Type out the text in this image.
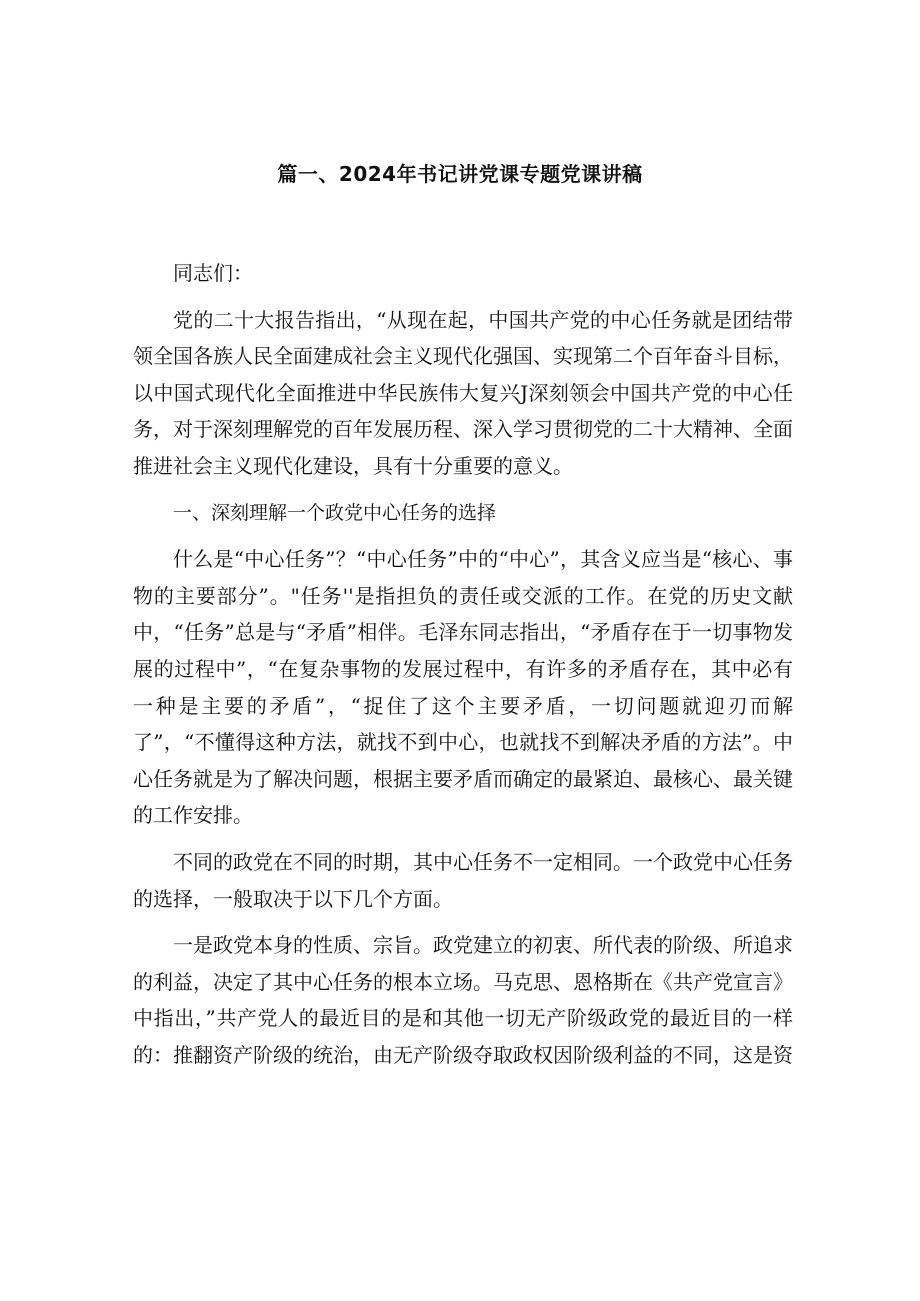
篇一、2024年书记讲党课专题党课讲稿

同志们：

党的二十大报告指出，“从现在起，中国共产党的中心任务就是团结带领全国各族人民全面建成社会主义现代化强国、实现第二个百年奋斗目标，以中国式现代化全面推进中华民族伟大复兴J深刻领会中国共产党的中心任务，对于深刻理解党的百年发展历程、深入学习贯彻党的二十大精神、全面推进社会主义现代化建设，具有十分重要的意义。

一、深刻理解一个政党中心任务的选择

什么是“中心任务”？“中心任务”中的“中心”，其含义应当是“核心、事物的主要部分”。"任务''是指担负的责任或交派的工作。在党的历史文献中，“任务”总是与“矛盾”相伴。毛泽东同志指出，“矛盾存在于一切事物发展的过程中”，“在复杂事物的发展过程中，有许多的矛盾存在，其中必有一种是主要的矛盾”，“捉住了这个主要矛盾，一切问题就迎刃而解了”，“不懂得这种方法，就找不到中心，也就找不到解决矛盾的方法”。中心任务就是为了解决问题，根据主要矛盾而确定的最紧迫、最核心、最关键的工作安排。

不同的政党在不同的时期，其中心任务不一定相同。一个政党中心任务的选择，一般取决于以下几个方面。

一是政党本身的性质、宗旨。政党建立的初衷、所代表的阶级、所追求的利益，决定了其中心任务的根本立场。马克思、恩格斯在《共产党宣言》中指出，”共产党人的最近目的是和其他一切无产阶级政党的最近目的一样的：推翻资产阶级的统治，由无产阶级夺取政权因阶级利益的不同，这是资
